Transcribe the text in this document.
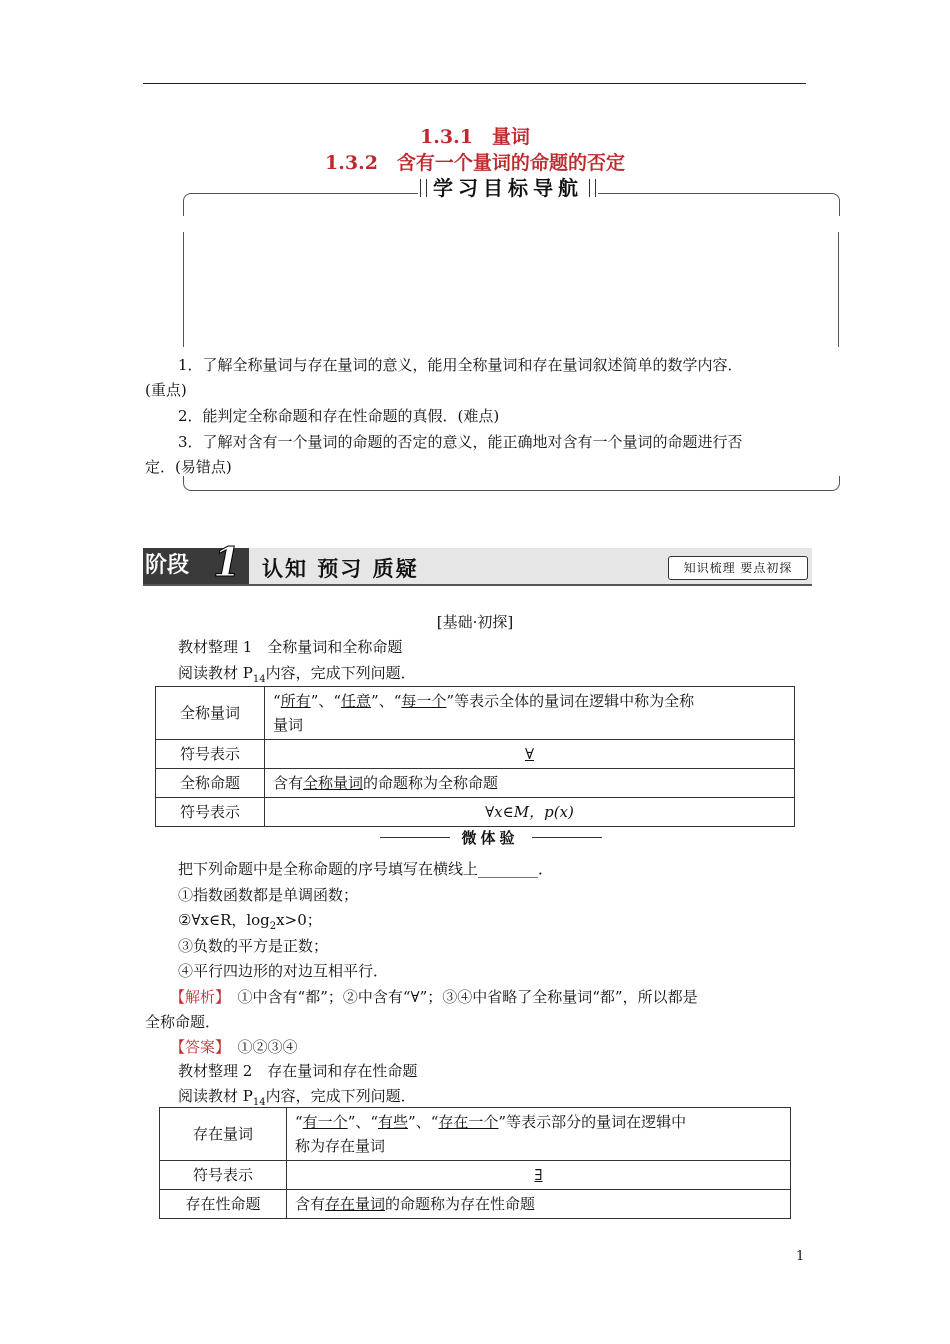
1.3.1　量词
1.3.2　含有一个量词的命题的否定
学习目标导航
1．了解全称量词与存在量词的意义，能用全称量词和存在量词叙述简单的数学内容．
(重点)
2．能判定全称命题和存在性命题的真假．(难点)
3．了解对含有一个量词的命题的否定的意义，能正确地对含有一个量词的命题进行否
定．(易错点)
阶段 1 认知 预习 质疑	知识梳理 要点初探
[基础·初探]
教材整理 1　全称量词和全称命题
阅读教材 $P_{14}$内容，完成下列问题．
全称量词	“所有”、“任意”、“每一个”等表示全体的量词在逻辑中称为全称
量词
符号表示	∀
全称命题	含有全称量词的命题称为全称命题
符号表示	∀x∈M，p(x)
微体验
把下列命题中是全称命题的序号填写在横线上________．
①指数函数都是单调函数；
②∀x∈R，$\log_2x>0$；
③负数的平方是正数；
④平行四边形的对边互相平行．
【解析】　 ①中含有“都”；②中含有“∀”；③④中省略了全称量词“都”，所以都是
全称命题．
【答案】　 ①②③④
教材整理 2　存在量词和存在性命题
阅读教材 $P_{14}$内容，完成下列问题．
存在量词	“有一个”、“有些”、“存在一个”等表示部分的量词在逻辑中
称为存在量词
符号表示	∃
存在性命题	含有存在量词的命题称为存在性命题
1
